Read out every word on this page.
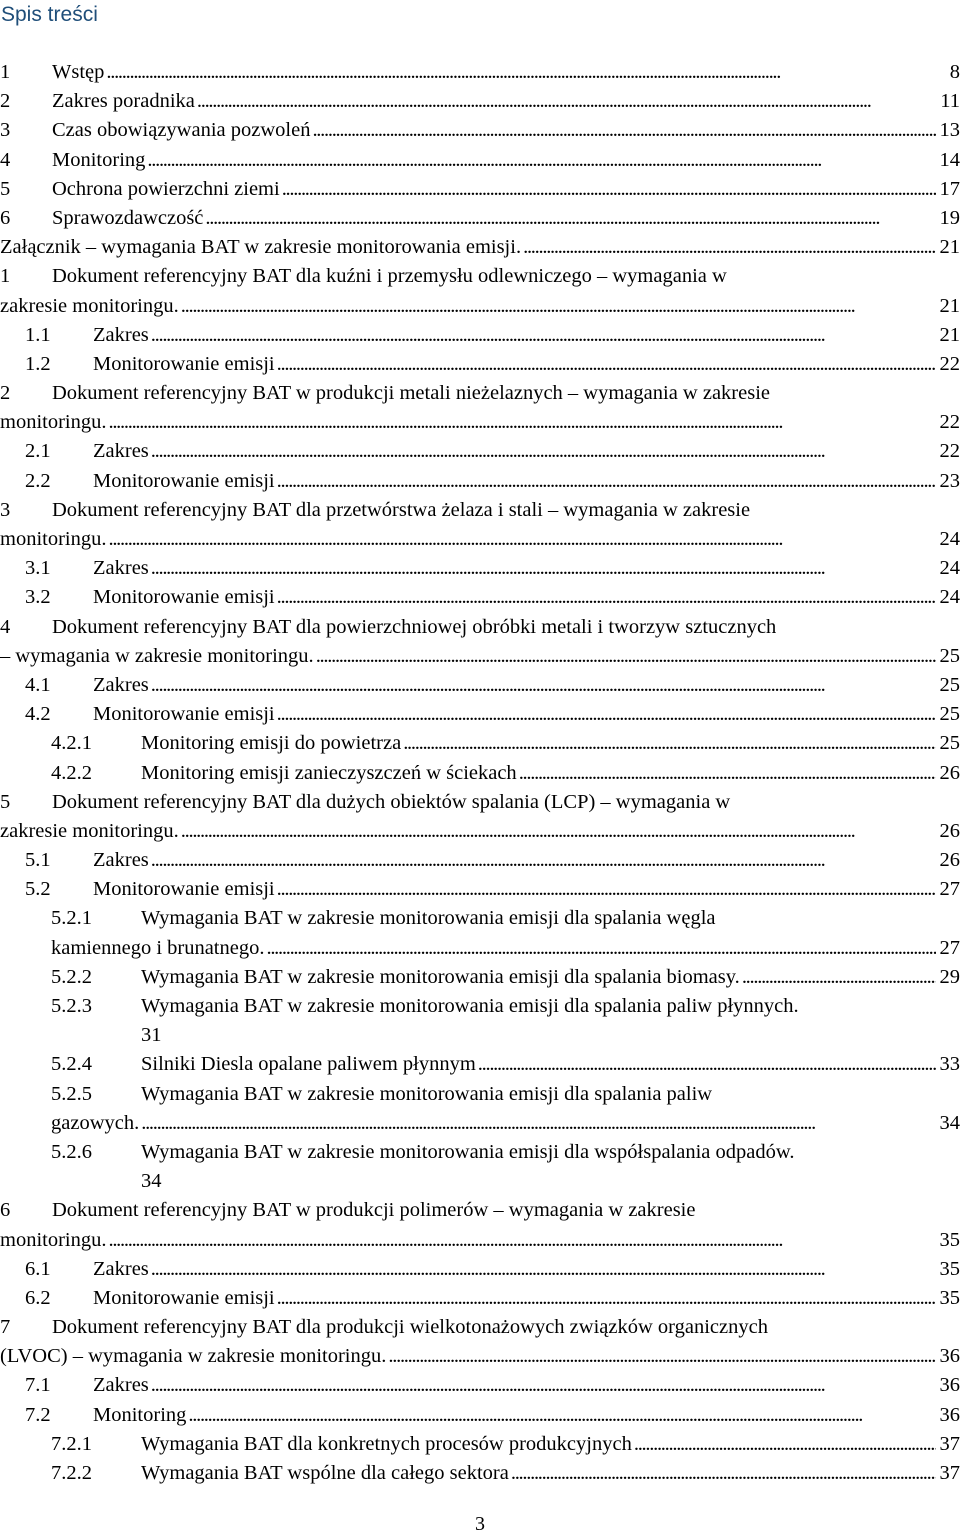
Spis treści
1	Wstęp . . .	8
2	Zakres poradnika . . .	11
3	Czas obowiązywania pozwoleń . . .	13
4	Monitoring . . .	14
5	Ochrona powierzchni ziemi . . .	17
6	Sprawozdawczość . . .	19
Załącznik – wymagania BAT w zakresie monitorowania emisji. . . .	21
1	Dokument referencyjny BAT dla kuźni i przemysłu odlewniczego – wymagania w
zakresie monitoringu. . . .	21
1.1	Zakres . . .	21
1.2	Monitorowanie emisji . . .	22
2	Dokument referencyjny BAT w produkcji metali nieżelaznych – wymagania w zakresie
monitoringu. . . .	22
2.1	Zakres . . .	22
2.2	Monitorowanie emisji . . .	23
3	Dokument referencyjny BAT dla przetwórstwa żelaza i stali – wymagania w zakresie
monitoringu. . . .	24
3.1	Zakres . . .	24
3.2	Monitorowanie emisji . . .	24
4	Dokument referencyjny BAT dla powierzchniowej obróbki metali i tworzyw sztucznych
– wymagania w zakresie monitoringu. . . .	25
4.1	Zakres . . .	25
4.2	Monitorowanie emisji . . .	25
4.2.1	Monitoring emisji do powietrza . . .	25
4.2.2	Monitoring emisji zanieczyszczeń w ściekach . . .	26
5	Dokument referencyjny BAT dla dużych obiektów spalania (LCP) – wymagania w
zakresie monitoringu. . . .	26
5.1	Zakres . . .	26
5.2	Monitorowanie emisji . . .	27
5.2.1	Wymagania BAT w zakresie monitorowania emisji dla spalania węgla
kamiennego i brunatnego. . . .	27
5.2.2	Wymagania BAT w zakresie monitorowania emisji dla spalania biomasy. . . .	29
5.2.3	Wymagania BAT w zakresie monitorowania emisji dla spalania paliw płynnych.
31
5.2.4	Silniki Diesla opalane paliwem płynnym . . .	33
5.2.5	Wymagania BAT w zakresie monitorowania emisji dla spalania paliw
gazowych. . . .	34
5.2.6	Wymagania BAT w zakresie monitorowania emisji dla współspalania odpadów.
34
6	Dokument referencyjny BAT w produkcji polimerów – wymagania w zakresie
monitoringu. . . .	35
6.1	Zakres . . .	35
6.2	Monitorowanie emisji . . .	35
7	Dokument referencyjny BAT dla produkcji wielkotonażowych związków organicznych
(LVOC) – wymagania w zakresie monitoringu. . . .	36
7.1	Zakres . . .	36
7.2	Monitoring . . .	36
7.2.1	Wymagania BAT dla konkretnych procesów produkcyjnych . . .	37
7.2.2	Wymagania BAT wspólne dla całego sektora . . .	37
3
